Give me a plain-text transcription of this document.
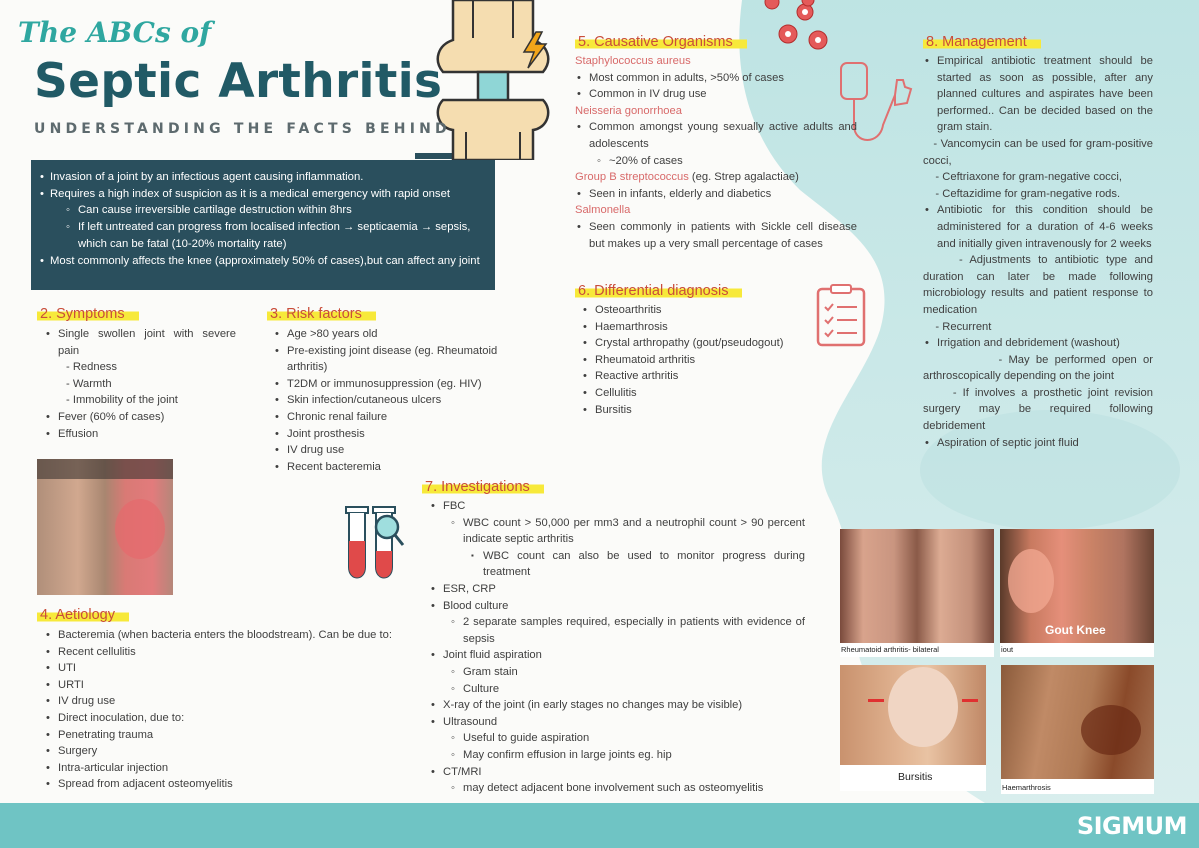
The ABCs of
Septic Arthritis
UNDERSTANDING THE FACTS BEHIND
• Invasion of a joint by an infectious agent causing inflammation.
• Requires a high index of suspicion as it is a medical emergency with rapid onset
◦ Can cause irreversible cartilage destruction within 8hrs
◦ If left untreated can progress from localised infection → septicaemia → sepsis, which can be fatal (10-20% mortality rate)
• Most commonly affects the knee (approximately 50% of cases),but can affect any joint
2. Symptoms
• Single swollen joint with severe pain
- Redness
- Warmth
- Immobility of the joint
• Fever (60% of cases)
• Effusion
3. Risk factors
• Age >80 years old
• Pre-existing joint disease (eg. Rheumatoid arthritis)
• T2DM or immunosuppression (eg. HIV)
• Skin infection/cutaneous ulcers
• Chronic renal failure
• Joint prosthesis
• IV drug use
• Recent bacteremia
4. Aetiology
• Bacteremia (when bacteria enters the bloodstream). Can be due to:
• Recent cellulitis
• UTI
• URTI
• IV drug use
• Direct inoculation, due to:
• Penetrating trauma
• Surgery
• Intra-articular injection
• Spread from adjacent osteomyelitis
5. Causative Organisms
Staphylococcus aureus
• Most common in adults, >50% of cases
• Common in IV drug use
Neisseria gonorrhoea
• Common amongst young sexually active adults and adolescents
◦ ~20% of cases
Group B streptococcus (eg. Strep agalactiae)
• Seen in infants, elderly and diabetics
Salmonella
• Seen commonly in patients with Sickle cell disease but makes up a very small percentage of cases
6. Differential diagnosis
• Osteoarthritis
• Haemarthrosis
• Crystal arthropathy (gout/pseudogout)
• Rheumatoid arthritis
• Reactive arthritis
• Cellulitis
• Bursitis
7. Investigations
• FBC
◦ WBC count > 50,000 per mm3 and a neutrophil count > 90 percent indicate septic arthritis
▪ WBC count can also be used to monitor progress during treatment
• ESR, CRP
• Blood culture
◦ 2 separate samples required, especially in patients with evidence of sepsis
• Joint fluid aspiration
◦ Gram stain
◦ Culture
• X-ray of the joint (in early stages no changes may be visible)
• Ultrasound
◦ Useful to guide aspiration
◦ May confirm effusion in large joints eg. hip
• CT/MRI
◦ may detect adjacent bone involvement such as osteomyelitis
8. Management
• Empirical antibiotic treatment should be started as soon as possible, after any planned cultures and aspirates have been performed.. Can be decided based on the gram stain.
- Vancomycin can be used for gram-positive cocci,
- Ceftriaxone for gram-negative cocci,
- Ceftazidime for gram-negative rods.
• Antibiotic for this condition should be administered for a duration of 4-6 weeks and initially given intravenously for 2 weeks
- Adjustments to antibiotic type and duration can later be made following microbiology results and patient response to medication
- Recurrent
• Irrigation and debridement (washout)
- May be performed open or arthroscopically depending on the joint
- If involves a prosthetic joint revision surgery may be required following debridement
• Aspiration of septic joint fluid
Rheumatoid arthritis- bilateral
Gout Knee
iout
Bursitis
Haemarthrosis
SIGMUM
